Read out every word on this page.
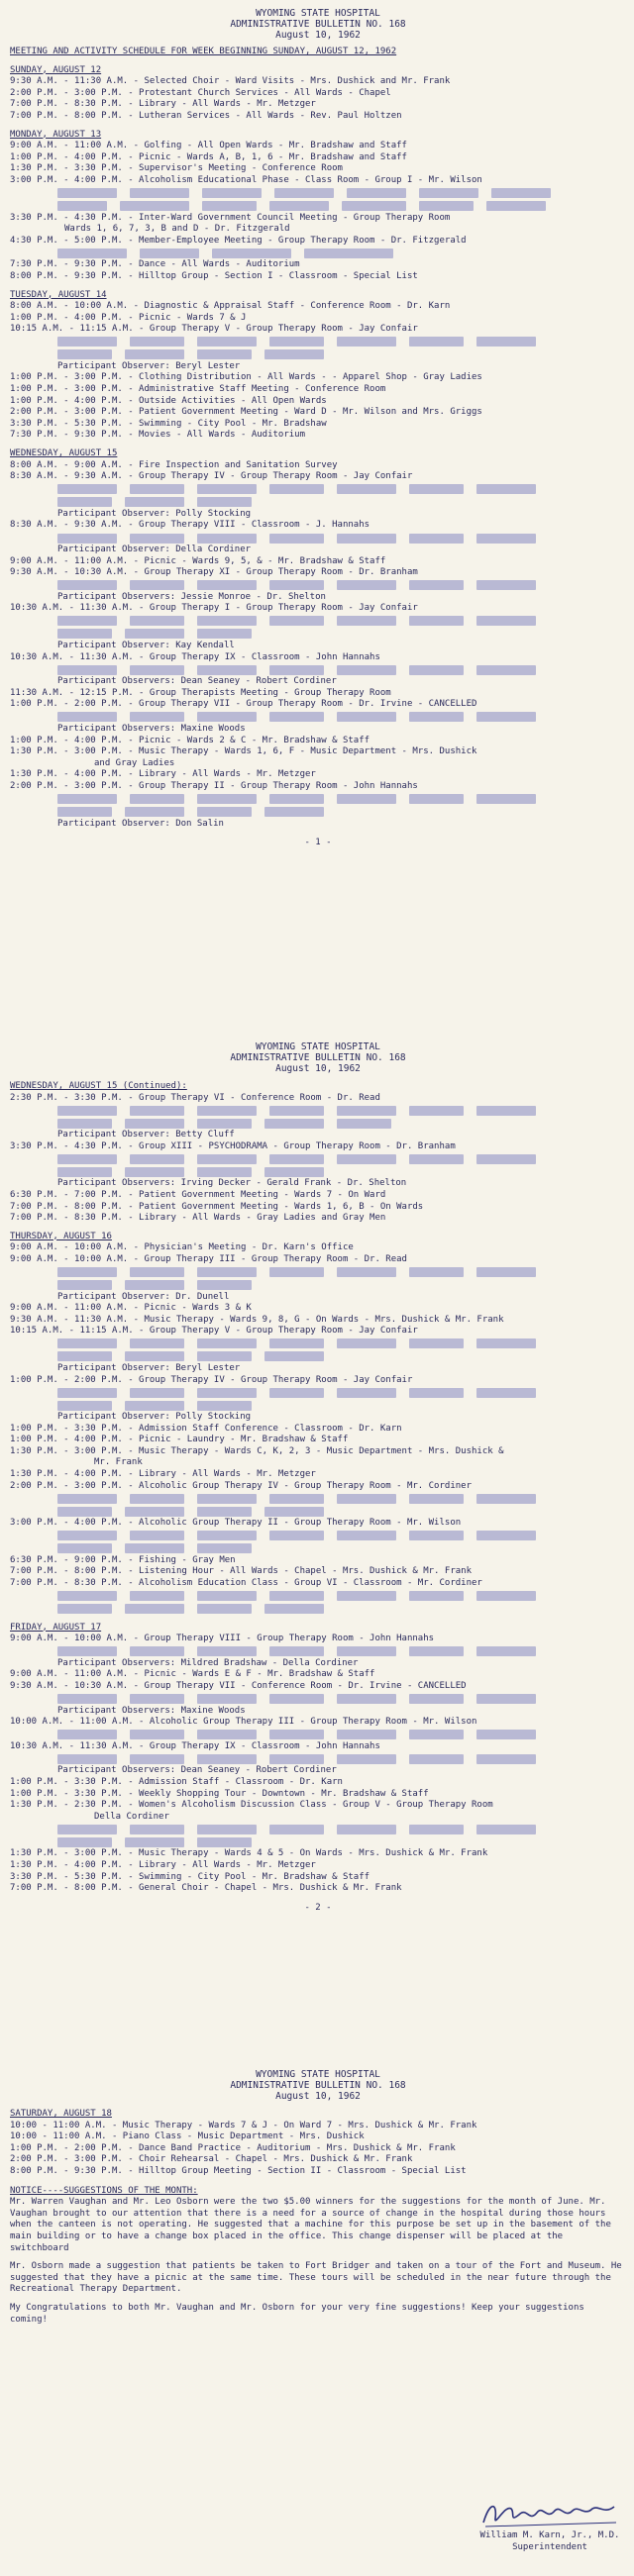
WYOMING STATE HOSPITAL
ADMINISTRATIVE BULLETIN NO. 168
August 10, 1962
MEETING AND ACTIVITY SCHEDULE FOR WEEK BEGINNING SUNDAY, AUGUST 12, 1962
SUNDAY, AUGUST 12
9:30 A.M. - 11:30 A.M. - Selected Choir - Ward Visits - Mrs. Dushick and Mr. Frank
2:00 P.M. - 3:00 P.M. - Protestant Church Services - All Wards - Chapel
7:00 P.M. - 8:30 P.M. - Library - All Wards - Mr. Metzger
7:00 P.M. - 8:00 P.M. - Lutheran Services - All Wards - Rev. Paul Holtzen
MONDAY, AUGUST 13
9:00 A.M. - 11:00 A.M. - Golfing - All Open Wards - Mr. Bradshaw and Staff
1:00 P.M. - 4:00 P.M. - Picnic - Wards A, B, 1, 6 - Mr. Bradshaw and Staff
1:30 P.M. - 3:30 P.M. - Supervisor's Meeting - Conference Room
3:00 P.M. - 4:00 P.M. - Alcoholism Educational Phase - Class Room - Group I - Mr. Wilson
3:30 P.M. - 4:30 P.M. - Inter-Ward Government Council Meeting - Group Therapy Room
Wards 1, 6, 7, 3, B and D - Dr. Fitzgerald
4:30 P.M. - 5:00 P.M. - Member-Employee Meeting - Group Therapy Room - Dr. Fitzgerald
7:30 P.M. - 9:30 P.M. - Dance - All Wards - Auditorium
8:00 P.M. - 9:30 P.M. - Hilltop Group - Section I - Classroom - Special List
TUESDAY, AUGUST 14
8:00 A.M. - 10:00 A.M. - Diagnostic & Appraisal Staff - Conference Room - Dr. Karn
1:00 P.M. - 4:00 P.M. - Picnic - Wards 7 & J
10:15 A.M. - 11:15 A.M. - Group Therapy V - Group Therapy Room - Jay Confair
Participant Observer: Beryl Lester
1:00 P.M. - 3:00 P.M. - Clothing Distribution - All Wards - - Apparel Shop - Gray Ladies
1:00 P.M. - 3:00 P.M. - Administrative Staff Meeting - Conference Room
1:00 P.M. - 4:00 P.M. - Outside Activities - All Open Wards
2:00 P.M. - 3:00 P.M. - Patient Government Meeting - Ward D - Mr. Wilson and Mrs. Griggs
3:30 P.M. - 5:30 P.M. - Swimming - City Pool - Mr. Bradshaw
7:30 P.M. - 9:30 P.M. - Movies - All Wards - Auditorium
WEDNESDAY, AUGUST 15
8:00 A.M. - 9:00 A.M. - Fire Inspection and Sanitation Survey
8:30 A.M. - 9:30 A.M. - Group Therapy IV - Group Therapy Room - Jay Confair
Participant Observer: Polly Stocking
8:30 A.M. - 9:30 A.M. - Group Therapy VIII - Classroom - J. Hannahs
Participant Observer: Della Cordiner
9:00 A.M. - 11:00 A.M. - Picnic - Wards 9, 5, & - Mr. Bradshaw & Staff
9:30 A.M. - 10:30 A.M. - Group Therapy XI - Group Therapy Room - Dr. Branham
Participant Observers: Jessie Monroe - Dr. Shelton
10:30 A.M. - 11:30 A.M. - Group Therapy I - Group Therapy Room - Jay Confair
Participant Observer: Kay Kendall
10:30 A.M. - 11:30 A.M. - Group Therapy IX - Classroom - John Hannahs
Participant Observers: Dean Seaney - Robert Cordiner
11:30 A.M. - 12:15 P.M. - Group Therapists Meeting - Group Therapy Room
1:00 P.M. - 2:00 P.M. - Group Therapy VII - Group Therapy Room - Dr. Irvine - CANCELLED
Participant Observers: Maxine Woods
1:00 P.M. - 4:00 P.M. - Picnic - Wards 2 & C - Mr. Bradshaw & Staff
1:30 P.M. - 3:00 P.M. - Music Therapy - Wards 1, 6, F - Music Department - Mrs. Dushick
and Gray Ladies
1:30 P.M. - 4:00 P.M. - Library - All Wards - Mr. Metzger
2:00 P.M. - 3:00 P.M. - Group Therapy II - Group Therapy Room - John Hannahs
Participant Observer: Don Salin
- 1 -
WYOMING STATE HOSPITAL
ADMINISTRATIVE BULLETIN NO. 168
August 10, 1962
WEDNESDAY, AUGUST 15 (Continued):
2:30 P.M. - 3:30 P.M. - Group Therapy VI - Conference Room - Dr. Read
Participant Observer: Betty Cluff
3:30 P.M. - 4:30 P.M. - Group XIII - PSYCHODRAMA - Group Therapy Room - Dr. Branham
Participant Observers: Irving Decker - Gerald Frank - Dr. Shelton
6:30 P.M. - 7:00 P.M. - Patient Government Meeting - Wards 7 - On Ward
7:00 P.M. - 8:00 P.M. - Patient Government Meeting - Wards 1, 6, B - On Wards
7:00 P.M. - 8:30 P.M. - Library - All Wards - Gray Ladies and Gray Men
THURSDAY, AUGUST 16
9:00 A.M. - 10:00 A.M. - Physician's Meeting - Dr. Karn's Office
9:00 A.M. - 10:00 A.M. - Group Therapy III - Group Therapy Room - Dr. Read
Participant Observer: Dr. Dunell
9:00 A.M. - 11:00 A.M. - Picnic - Wards 3 & K
9:30 A.M. - 11:30 A.M. - Music Therapy - Wards 9, 8, G - On Wards - Mrs. Dushick & Mr. Frank
10:15 A.M. - 11:15 A.M. - Group Therapy V - Group Therapy Room - Jay Confair
Participant Observer: Beryl Lester
1:00 P.M. - 2:00 P.M. - Group Therapy IV - Group Therapy Room - Jay Confair
Participant Observer: Polly Stocking
1:00 P.M. - 3:30 P.M. - Admission Staff Conference - Classroom - Dr. Karn
1:00 P.M. - 4:00 P.M. - Picnic - Laundry - Mr. Bradshaw & Staff
1:30 P.M. - 3:00 P.M. - Music Therapy - Wards C, K, 2, 3 - Music Department - Mrs. Dushick &
Mr. Frank
1:30 P.M. - 4:00 P.M. - Library - All Wards - Mr. Metzger
2:00 P.M. - 3:00 P.M. - Alcoholic Group Therapy IV - Group Therapy Room - Mr. Cordiner
3:00 P.M. - 4:00 P.M. - Alcoholic Group Therapy II - Group Therapy Room - Mr. Wilson
6:30 P.M. - 9:00 P.M. - Fishing - Gray Men
7:00 P.M. - 8:00 P.M. - Listening Hour - All Wards - Chapel - Mrs. Dushick & Mr. Frank
7:00 P.M. - 8:30 P.M. - Alcoholism Education Class - Group VI - Classroom - Mr. Cordiner
FRIDAY, AUGUST 17
9:00 A.M. - 10:00 A.M. - Group Therapy VIII - Group Therapy Room - John Hannahs
Participant Observers: Mildred Bradshaw - Della Cordiner
9:00 A.M. - 11:00 A.M. - Picnic - Wards E & F - Mr. Bradshaw & Staff
9:30 A.M. - 10:30 A.M. - Group Therapy VII - Conference Room - Dr. Irvine - CANCELLED
Participant Observers: Maxine Woods
10:00 A.M. - 11:00 A.M. - Alcoholic Group Therapy III - Group Therapy Room - Mr. Wilson
10:30 A.M. - 11:30 A.M. - Group Therapy IX - Classroom - John Hannahs
Participant Observers: Dean Seaney - Robert Cordiner
1:00 P.M. - 3:30 P.M. - Admission Staff - Classroom - Dr. Karn
1:00 P.M. - 3:30 P.M. - Weekly Shopping Tour - Downtown - Mr. Bradshaw & Staff
1:30 P.M. - 2:30 P.M. - Women's Alcoholism Discussion Class - Group V - Group Therapy Room
Della Cordiner
1:30 P.M. - 3:00 P.M. - Music Therapy - Wards 4 & 5 - On Wards - Mrs. Dushick & Mr. Frank
1:30 P.M. - 4:00 P.M. - Library - All Wards - Mr. Metzger
3:30 P.M. - 5:30 P.M. - Swimming - City Pool - Mr. Bradshaw & Staff
7:00 P.M. - 8:00 P.M. - General Choir - Chapel - Mrs. Dushick & Mr. Frank
- 2 -
WYOMING STATE HOSPITAL
ADMINISTRATIVE BULLETIN NO. 168
August 10, 1962
SATURDAY, AUGUST 18
10:00 - 11:00 A.M. - Music Therapy - Wards 7 & J - On Ward 7 - Mrs. Dushick & Mr. Frank
10:00 - 11:00 A.M. - Piano Class - Music Department - Mrs. Dushick
1:00 P.M. - 2:00 P.M. - Dance Band Practice - Auditorium - Mrs. Dushick & Mr. Frank
2:00 P.M. - 3:00 P.M. - Choir Rehearsal - Chapel - Mrs. Dushick & Mr. Frank
8:00 P.M. - 9:30 P.M. - Hilltop Group Meeting - Section II - Classroom - Special List
NOTICE----SUGGESTIONS OF THE MONTH:
Mr. Warren Vaughan and Mr. Leo Osborn were the two $5.00 winners for the suggestions for the month of June. Mr. Vaughan brought to our attention that there is a need for a source of change in the hospital during those hours when the canteen is not operating. He suggested that a machine for this purpose be set up in the basement of the main building or to have a change box placed in the office. This change dispenser will be placed at the switchboard
Mr. Osborn made a suggestion that patients be taken to Fort Bridger and taken on a tour of the Fort and Museum. He suggested that they have a picnic at the same time. These tours will be scheduled in the near future through the Recreational Therapy Department.
My Congratulations to both Mr. Vaughan and Mr. Osborn for your very fine suggestions! Keep your suggestions coming!
William M. Karn, Jr., M.D.
Superintendent
